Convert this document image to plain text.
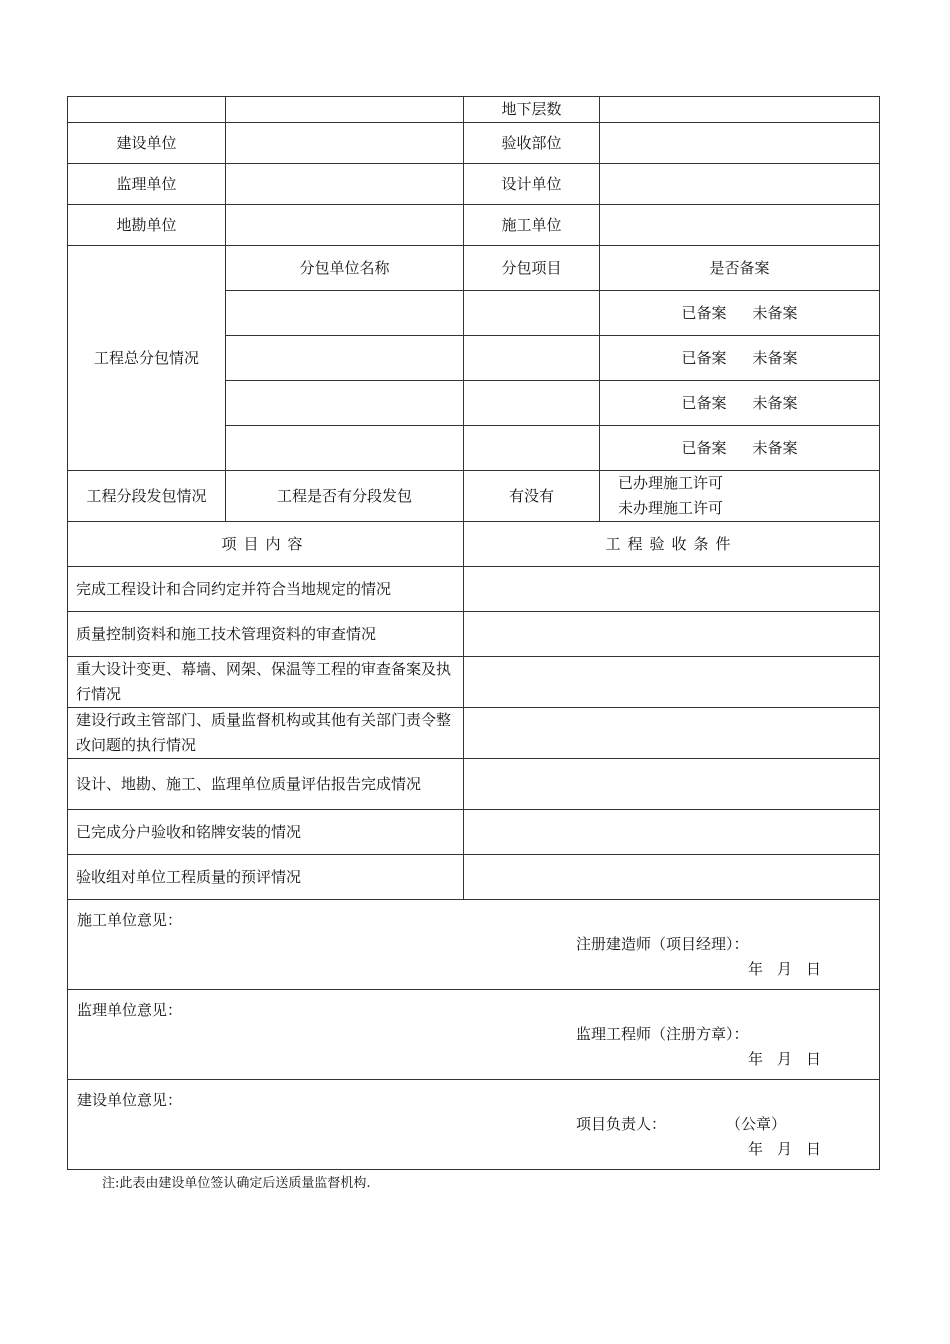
		地下层数	
建设单位		验收部位	
监理单位		设计单位	
地勘单位		施工单位	
工程总分包情况	分包单位名称	分包项目	是否备案
			已备案 未备案
			已备案 未备案
			已备案 未备案
			已备案 未备案
工程分段发包情况	工程是否有分段发包	有没有	已办理施工许可
未办理施工许可

项目内容		工程验收条件	
完成工程设计和合同约定并符合当地规定的情况			
质量控制资料和施工技术管理资料的审查情况			
重大设计变更、幕墙、网架、保温等工程的审查备案及执行情况			
建设行政主管部门、质量监督机构或其他有关部门责令整改问题的执行情况			
设计、地勘、施工、监理单位质量评估报告完成情况			
已完成分户验收和铭牌安装的情况			
验收组对单位工程质量的预评情况			

施工单位意见：
注册建造师（项目经理）：
年 月 日			

监理单位意见：
监理工程师（注册方章）：
年 月 日			

建设单位意见：
项目负责人： （公章）
年 月 日			
注:此表由建设单位签认确定后送质量监督机构.
